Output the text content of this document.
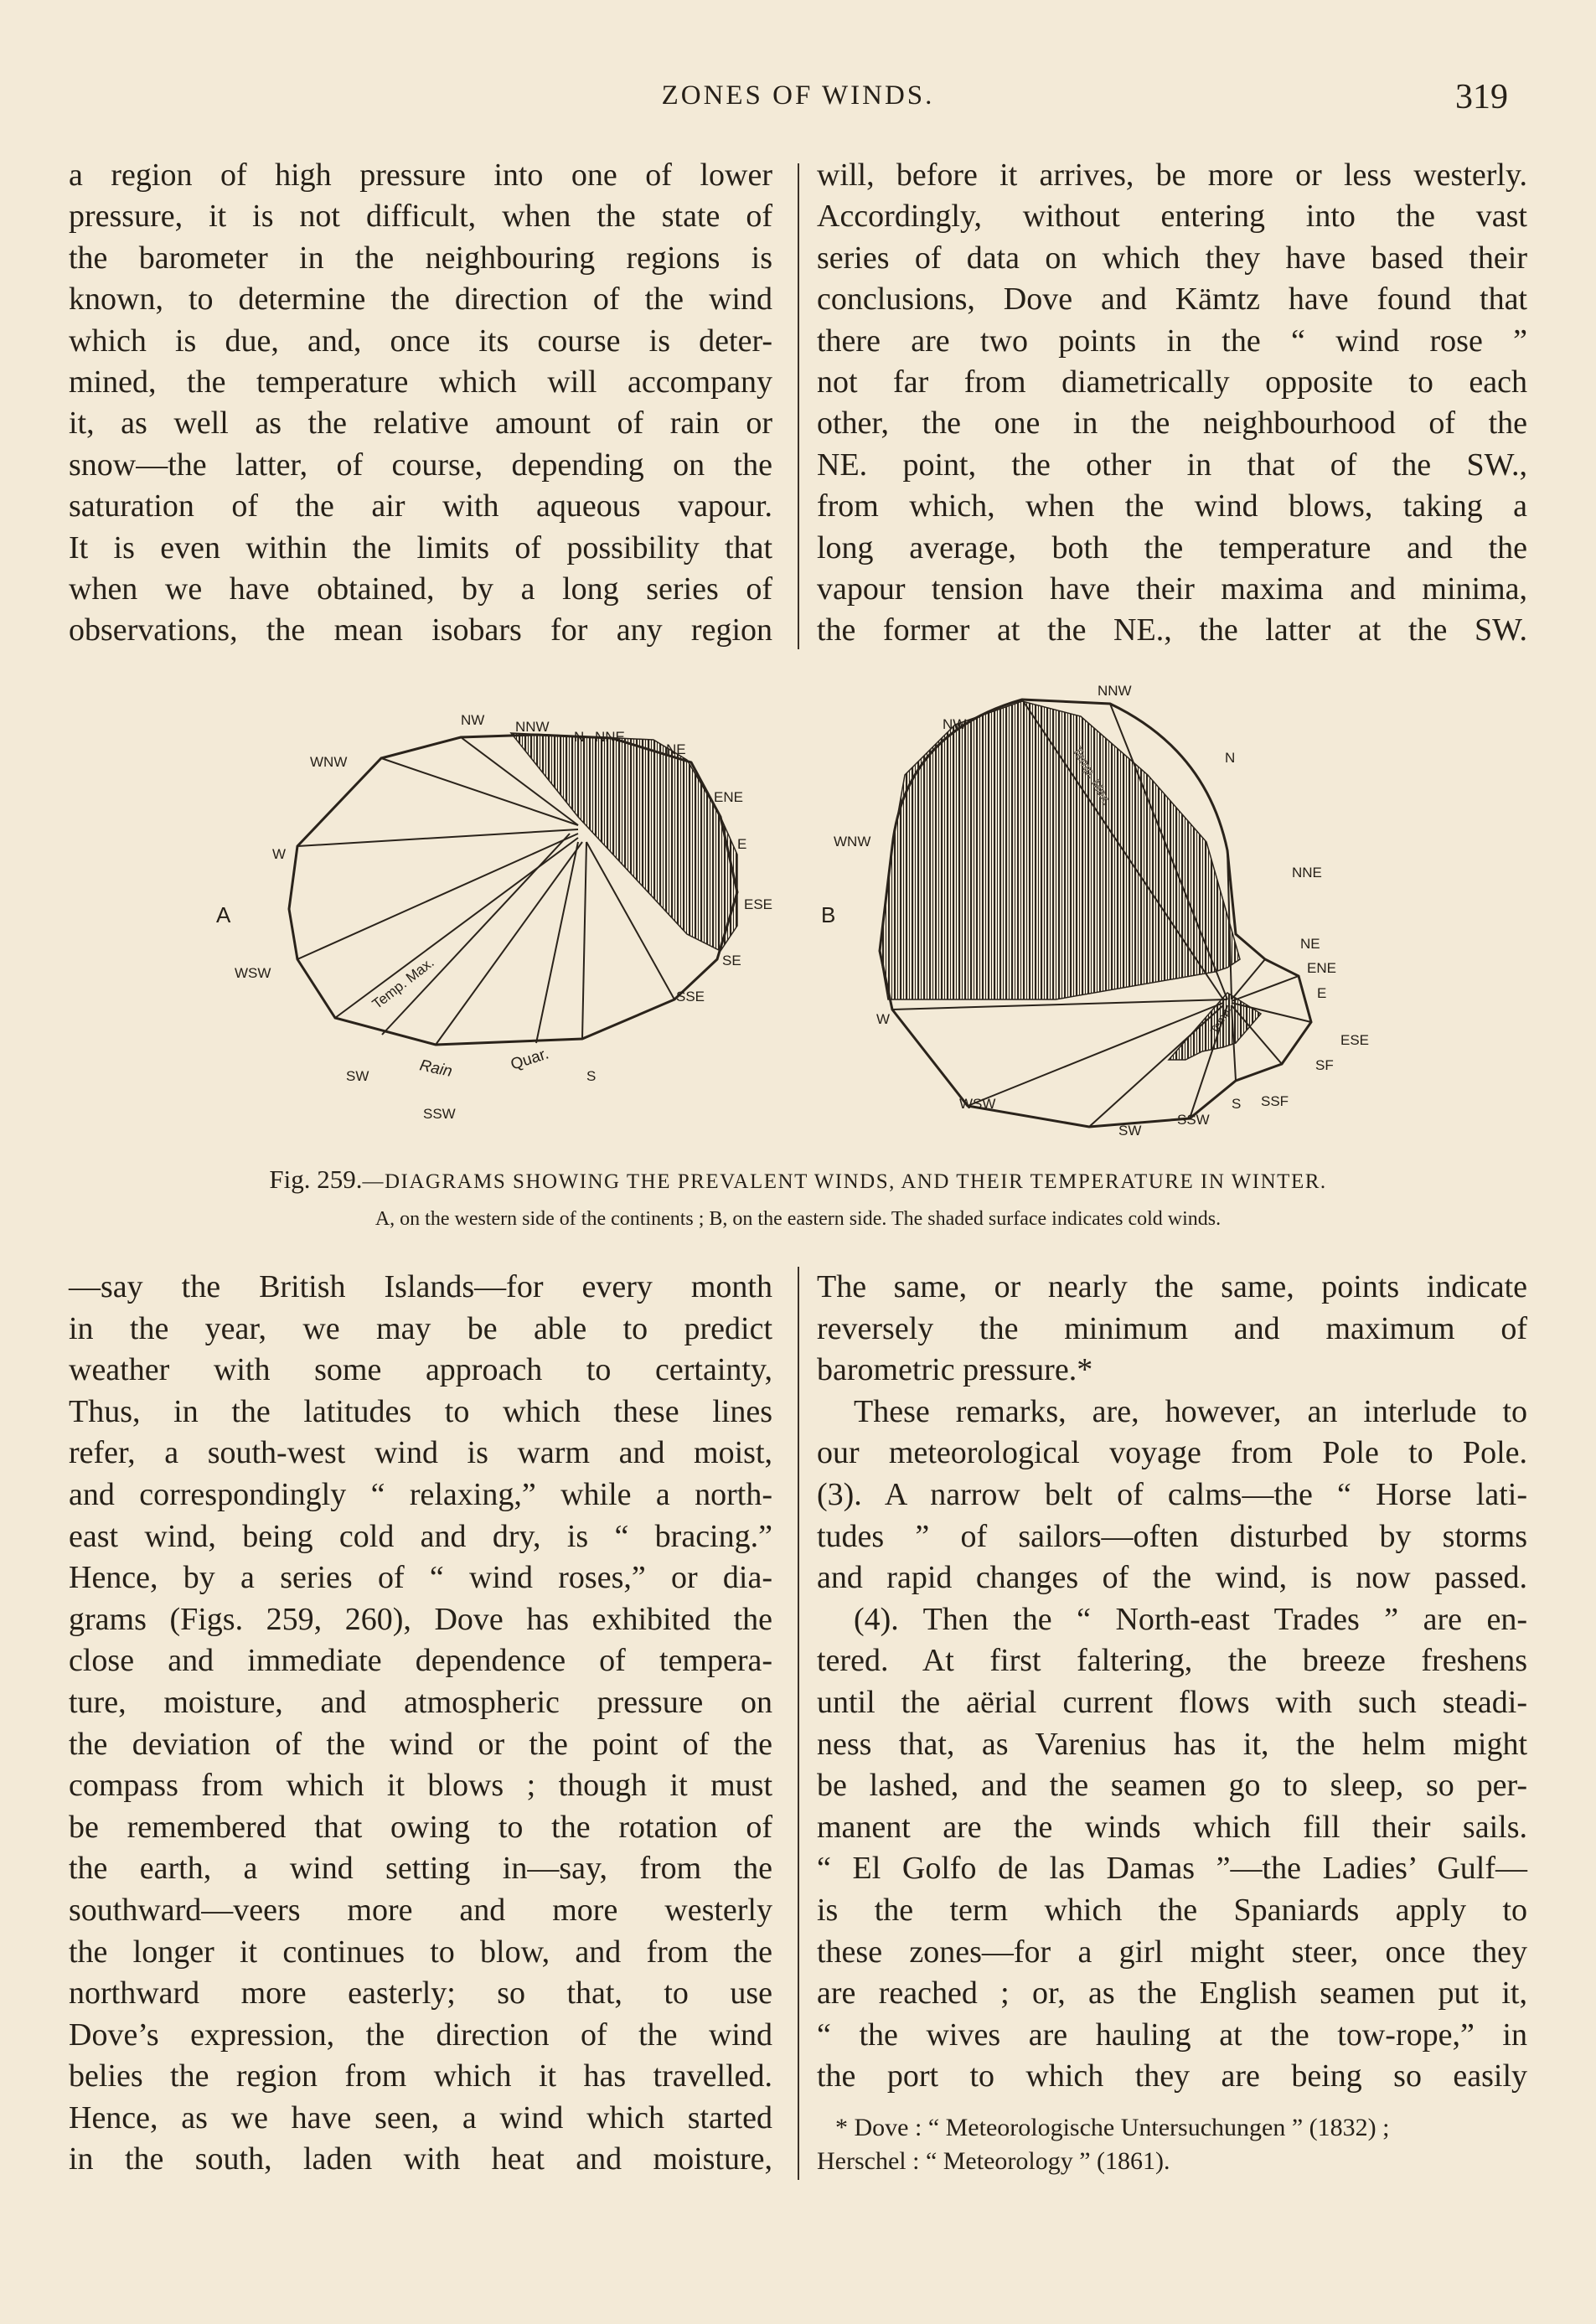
ZONES OF WINDS.	319
a region of high pressure into one of lower
pressure, it is not difficult, when the state of
the barometer in the neighbouring regions is
known, to determine the direction of the wind
which is due, and, once its course is deter-
mined, the temperature which will accompany
it, as well as the relative amount of rain or
snow—the latter, of course, depending on the
saturation of the air with aqueous vapour.
It is even within the limits of possibility that
when we have obtained, by a long series of
observations, the mean isobars for any region
will, before it arrives, be more or less westerly.
Accordingly, without entering into the vast
series of data on which they have based their
conclusions, Dove and Kämtz have found that
there are two points in the “ wind rose ”
not far from diametrically opposite to each
other, the one in the neighbourhood of the
NE. point, the other in that of the SW.,
from which, when the wind blows, taking a
long average, both the temperature and the
vapour tension have their maxima and minima,
the former at the NE., the latter at the SW.
A
NW NNW
N NNE
NE
ENE
E
ESE
SE
SSE
S
SSW
SW
WSW
W
WNW
Temp. Max.
Rain	Quar.
B
NNW
NW
N
NNE
NE
ENE
E
ESE
SF
SSF
S
SSW
SW
WSW
W
WNW
Temp. Max.
Temp.
Fig. 259.—DIAGRAMS SHOWING THE PREVALENT WINDS, AND THEIR TEMPERATURE IN WINTER.
A, on the western side of the continents ; B, on the eastern side. The shaded surface indicates cold winds.
—say the British Islands—for every month
in the year, we may be able to predict
weather with some approach to certainty,
Thus, in the latitudes to which these lines
refer, a south-west wind is warm and moist,
and correspondingly “ relaxing,” while a north-
east wind, being cold and dry, is “ bracing.”
Hence, by a series of “ wind roses,” or dia-
grams (Figs. 259, 260), Dove has exhibited the
close and immediate dependence of tempera-
ture, moisture, and atmospheric pressure on
the deviation of the wind or the point of the
compass from which it blows ; though it must
be remembered that owing to the rotation of
the earth, a wind setting in—say, from the
southward—veers more and more westerly
the longer it continues to blow, and from the
northward more easterly; so that, to use
Dove’s expression, the direction of the wind
belies the region from which it has travelled.
Hence, as we have seen, a wind which started
in the south, laden with heat and moisture,
The same, or nearly the same, points indicate
reversely the minimum and maximum of
barometric pressure.*
These remarks, are, however, an interlude to
our meteorological voyage from Pole to Pole.
(3). A narrow belt of calms—the “ Horse lati-
tudes ” of sailors—often disturbed by storms
and rapid changes of the wind, is now passed.
(4). Then the “ North-east Trades ” are en-
tered. At first faltering, the breeze freshens
until the aërial current flows with such steadi-
ness that, as Varenius has it, the helm might
be lashed, and the seamen go to sleep, so per-
manent are the winds which fill their sails.
“ El Golfo de las Damas ”—the Ladies’ Gulf—
is the term which the Spaniards apply to
these zones—for a girl might steer, once they
are reached ; or, as the English seamen put it,
“ the wives are hauling at the tow-rope,” in
the port to which they are being so easily
* Dove : “ Meteorologische Untersuchungen ” (1832) ;
Herschel : “ Meteorology ” (1861).
